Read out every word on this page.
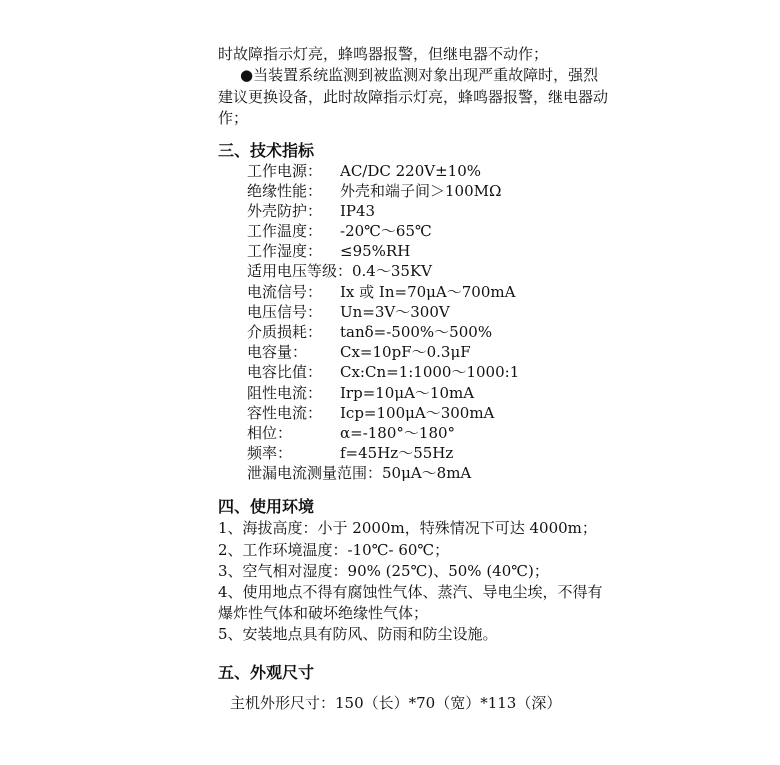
时故障指示灯亮，蜂鸣器报警，但继电器不动作；
●当装置系统监测到被监测对象出现严重故障时，强烈
建议更换设备，此时故障指示灯亮，蜂鸣器报警，继电器动
作；
三、技术指标
工作电源： AC/DC 220V±10%
绝缘性能： 外壳和端子间＞100MΩ
外壳防护： IP43
工作温度： -20℃～65℃
工作湿度： ≤95%RH
适用电压等级：0.4～35KV
电流信号： Ix 或 In=70μA～700mA
电压信号： Un=3V～300V
介质损耗： tanδ=-500%～500%
电容量： Cx=10pF～0.3μF
电容比值： Cx:Cn=1:1000～1000:1
阻性电流： Irp=10μA～10mA
容性电流： Icp=100μA～300mA
相位：	α=-180°～180°
频率：	f=45Hz～55Hz
泄漏电流测量范围：50μA～8mA
四、使用环境
1、海拔高度：小于 2000m，特殊情况下可达 4000m；
2、工作环境温度：-10℃- 60℃；
3、空气相对湿度：90% (25℃)、50% (40℃)；
4、使用地点不得有腐蚀性气体、蒸汽、导电尘埃，不得有
爆炸性气体和破坏绝缘性气体；
5、安装地点具有防风、防雨和防尘设施。
五、外观尺寸
主机外形尺寸：150（长）*70（宽）*113（深）
